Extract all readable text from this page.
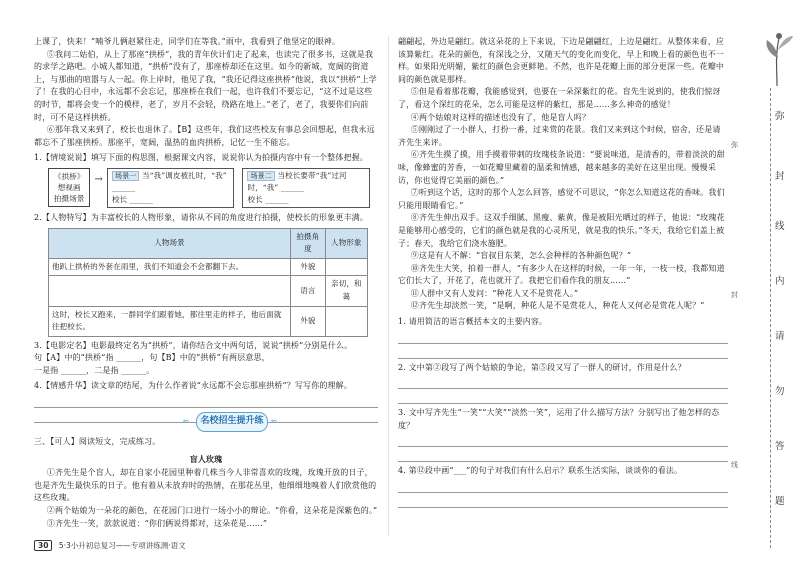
上课了，快来！”喃爷儿俩赵紧往走，同学们在等我。”雨中，我看到了他坚定的眼神。

⑤我问二姑伯，从上了那座“拱桥”，我的青年伙计们走了起来，也读完了很多书，这就是我的求学之路吧。小城人都知道，“拱桥”没有了，那座桥却还在这里。如今的新城，宽阔的街道上，与那曲的喧嚣与人一起。你上岸时，他见了我，“我还记得这座拱桥”他说，我以“拱桥”上学了！在我的心目中，永远都不会忘记，那座桥在我们一起，也许我们不要忘记，“这不过是这些的时节，都将会变一个的模样，老了，岁月不会轻，绕路在地上。”老了，老了，我要你们向前时，可不是这样拱桥。

⑥那年我又来到了，校长也退休了。【B】这些年，我们这些校友有事总会回想起，但我永远都忘不了那座拱桥。那座平，宽阔，温热的血肉拱桥，记忆一生不能忘。

1.【情境说说】填写下面的构思图，根据课文内容，说说你认为拍摄内容中有一个整体把握。

《拱桥》
想视画
拍摄场景
→	场景一 当“我”调皮被扎时，“我” ______
校长 ______
场景二 当校长要带“我”过河时，“我” ______
校长 ______

2.【人物特写】为丰富校长的人物形象，请你从不同的角度进行拍摄，使校长的形象更丰满。

人物场景	拍摄角度	人物形象
他趴上拱桥的外套在雨里，我们不知道会不会都翻下去。	外貌	
	语言	亲切，和蔼
这时，校长又跑来，一群同学们跟着她，都往里走的样子，他后面就往把校长。	外貌	

3.【电影定名】电影最终定名为“拱桥”，请你结合文中两句话，说说“拱桥”分别是什么。

句【A】中的“拱桥”指 ______，句【B】中的“拱桥”有两层意思，

一是指 ______，二是指 ______。

4.【情感升华】读文章的结尾，为什么作者说“永远都不会忘那座拱桥”？写写你的理解。

≈	名校招生提升练 ≈

三、【可人】阅读短文，完成练习。

盲人玫瑰

①齐先生是个盲人，却在自家小花园里种着几株当今人非常喜欢的玫瑰，玫瑰开放的日子，也是齐先生最快乐的日子。他有着从未放弃时的热情，在那花丛里，他细细地嗅着人们欣赏他的这些玫瑰。

②两个姑娘为一朵花的颜色，在花园门口进行一场小小的辩论。“你看，这朵花是深紫色的。”

③齐先生一笑，款款说道：“你们俩说得都对，这朵花是……”

翩翩起，外边是翩红。就这朵花的上下来说，下边是翩翩红，上边是翩红。从整体来看，应该算紫红。花朵的颜色，有深浅之分，又随天气的变化而变化，早上和晚上看的颜色也不一样。如果阳光明媚，紫红的颜色会更鲜艳。不然，也许是花瓣上面的部分更深一些。花瓣中间的颜色就是那样。

⑤但是看着那花瓣，我能感觉到，也要在一朵深紫红的花。盲先生说到的，使我们惊讶了，看这个深红的花朵，怎么可能是这样的紫红，那是……多么神奇的感觉！

④两个姑娘对这样的描述也没有了，他是盲人吗？

⑤刚刚过了一小群人，打扮一番，过来赏的花景。我们又来到这个时候，宿舍，还是请齐先生来评。

⑥齐先生摸了摸，用手摸着带刺的玫瑰枝条说道：“要说味道，是清香的，带着淡淡的甜味，像蜂蜜的芳香，一如花瓣里藏着的温柔和情感，越来越多的美好在这里出现。慢慢采访，你也觉得它美丽的颜色。”

⑦听到这个话，这时的那个人怎么回答，感觉不可思议，“你怎么知道这花的香味。我们只能用眼睛看它。”

⑧齐先生伸出双手。这双手细腻、黑瘦、紫黄，像是被阳光晒过的样子，他说：“玫瑰花是能够用心感受的，它们的颜色就是我的心灵所见，就是我的快乐。”冬天，我给它们盖上被子；春天，我给它们浇水施肥。

⑨这是有人不解：“盲叔目东莱，怎么会种样的各种颜色呢？”

⑩齐先生大笑，拍着一群人，“有多少人在这样的时候，一年一年，一枝一枝，我都知道它们长大了，开花了，花也就开了。我把它们看作我的朋友……”

⑪人群中又有人发问：“种花人又不是赏花人。”

⑫齐先生却淡然一笑，“是啊，种花人是不是赏花人，种花人又何必是赏花人呢？”

1. 请用简洁的语言概括本文的主要内容。

2. 文中第②段写了两个姑娘的争论，第⑤段又写了一群人的研讨，作用是什么？

3. 文中写齐先生“一笑”“大笑”“淡然一笑”，运用了什么描写方法？分别写出了他怎样的态度？

4. 第⑫段中画“___”的句子对我们有什么启示？联系生活实际，谈谈你的看法。

弥
封
线
内
请
勿
答
题
弥
封
线
30 5·3小升初总复习——专项讲练测·语文
